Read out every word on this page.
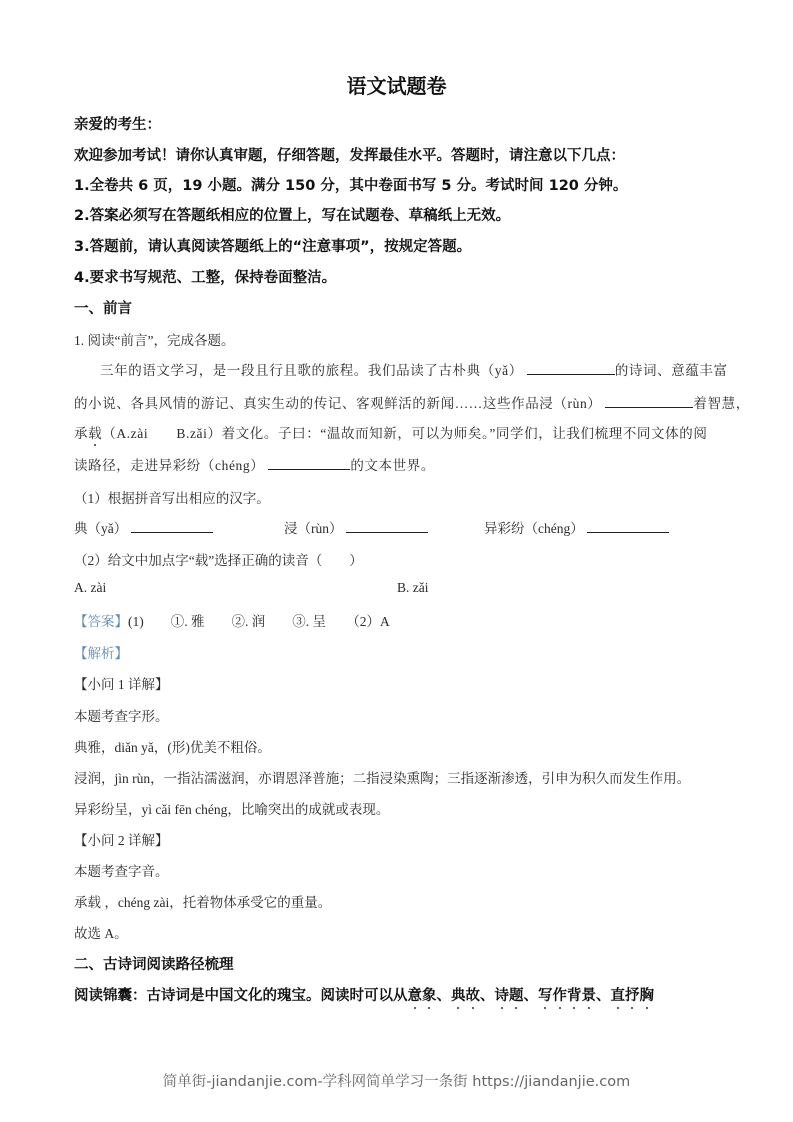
语文试题卷
亲爱的考生：
欢迎参加考试！请你认真审题，仔细答题，发挥最佳水平。答题时，请注意以下几点：
1.全卷共 6 页，19 小题。满分 150 分，其中卷面书写 5 分。考试时间 120 分钟。
2.答案必须写在答题纸相应的位置上，写在试题卷、草稿纸上无效。
3.答题前，请认真阅读答题纸上的“注意事项”，按规定答题。
4.要求书写规范、工整，保持卷面整洁。
一、前言
1. 阅读“前言”，完成各题。
三年的语文学习，是一段且行且歌的旅程。我们品读了古朴典（yǎ）	的诗词、意蕴丰富
的小说、各具风情的游记、真实生动的传记、客观鲜活的新闻……这些作品浸（rùn）	着智慧，
承载（A.zài　　B.zǎi）着文化。子曰：“温故而知新，可以为师矣。”同学们，让我们梳理不同文体的阅
读路径，走进异彩纷（chéng）	的文本世界。
（1）根据拼音写出相应的汉字。
典（yǎ）	浸（rùn）	异彩纷（chéng）
（2）给文中加点字“载”选择正确的读音（　　）
A. zài	B. zǎi
【答案】(1)　　①. 雅　　②. 润　　③. 呈　　（2）A
【解析】
【小问 1 详解】
本题考查字形。
典雅，diǎn yǎ，(形)优美不粗俗。
浸润，jìn rùn，一指沾濡滋润，亦谓恩泽普施；二指浸染熏陶；三指逐渐渗透，引申为积久而发生作用。
异彩纷呈，yì cǎi fēn chéng，比喻突出的成就或表现。
【小问 2 详解】
本题考查字音。
承载 ，chéng zài，托着物体承受它的重量。
故选 A。
二、古诗词阅读路径梳理
阅读锦囊：古诗词是中国文化的瑰宝。阅读时可以从意象、典故、诗题、写作背景、直抒胸
简单街-jiandanjie.com-学科网简单学习一条街 https://jiandanjie.com
